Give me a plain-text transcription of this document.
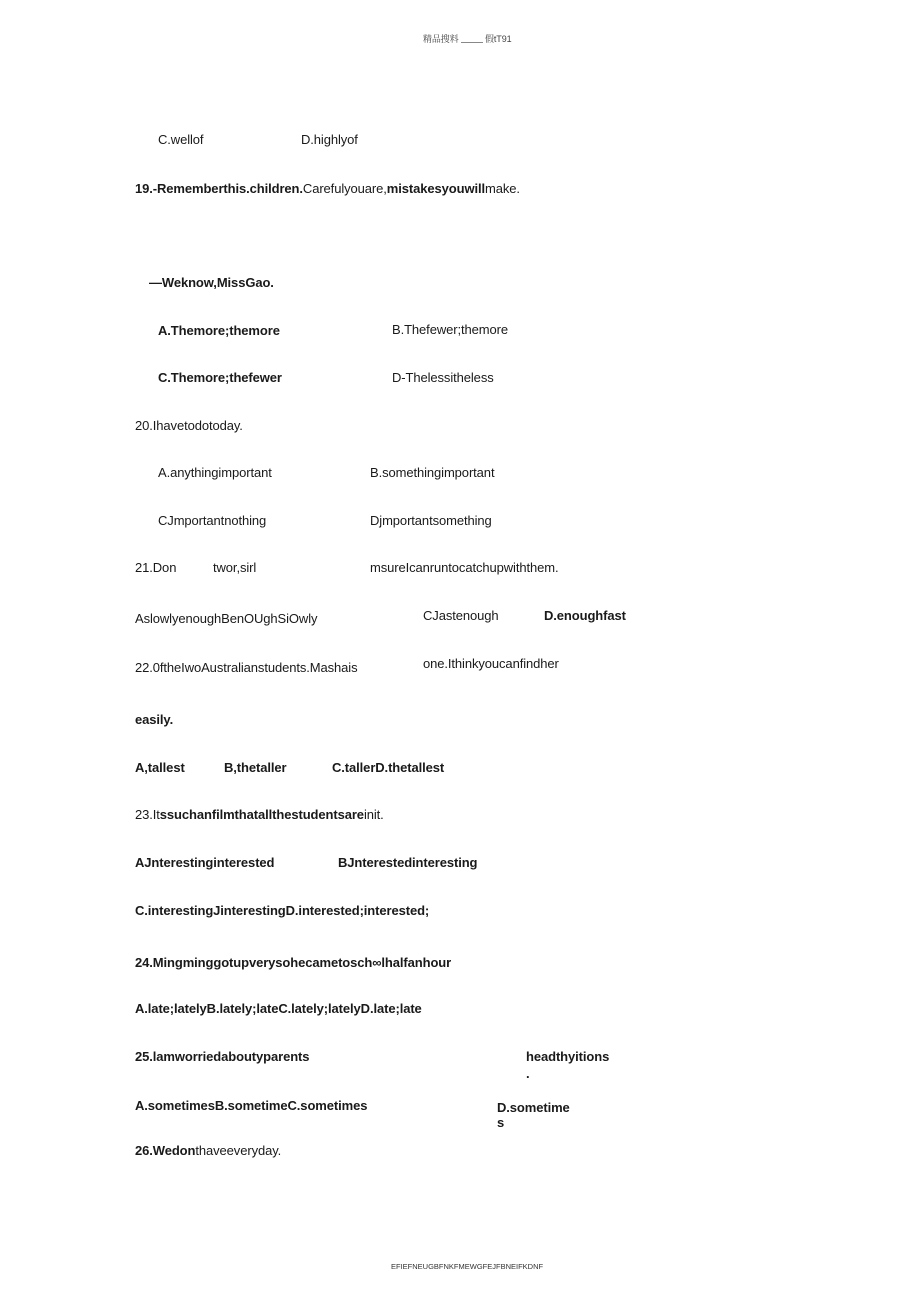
精品搜料	假tT91
C.wellof	D.highlyof
19.-Rememberthis.children.Carefulyouare,mistakesyouwillmake.
—Weknow,MissGao.
A.Themore;themore	B.Thefewer;themore
C.Themore;thefewer	D-Thelessitheless
20.Ihavetodotoday.
A.anythingimportant	B.somethingimportant
CJmportantnothing	Djmportantsomething
21.Don	twor,sirl	msureIcanruntocatchupwiththem.
AslowlyenoughBenOUghSiOwly	CJastenough	D.enoughfast
22.0ftheIwoAustralianstudents.Mashais	one.Ithinkyoucanfindher
easily.
A,tallest	B,thetaller	C.tallerD.thetallest
23.Itssuchanfilmthatallthestudentsareinit.
AJnterestinginterested	BJnterestedinteresting
C.interestingJinterestingD.interested;interested;
24.Mingminggotupverysohecametosch∞lhalfanhour
A.late;latelyB.lately;lateC.lately;latelyD.late;late
25.lamworriedaboutyparents	headthyitions
.
A.sometimesB.sometimeC.sometimes	D.sometime
s
26.Wedonthaveeveryday.
EFIEFNEUGBFNKFMEWGFEJFBNEIFKDNF
